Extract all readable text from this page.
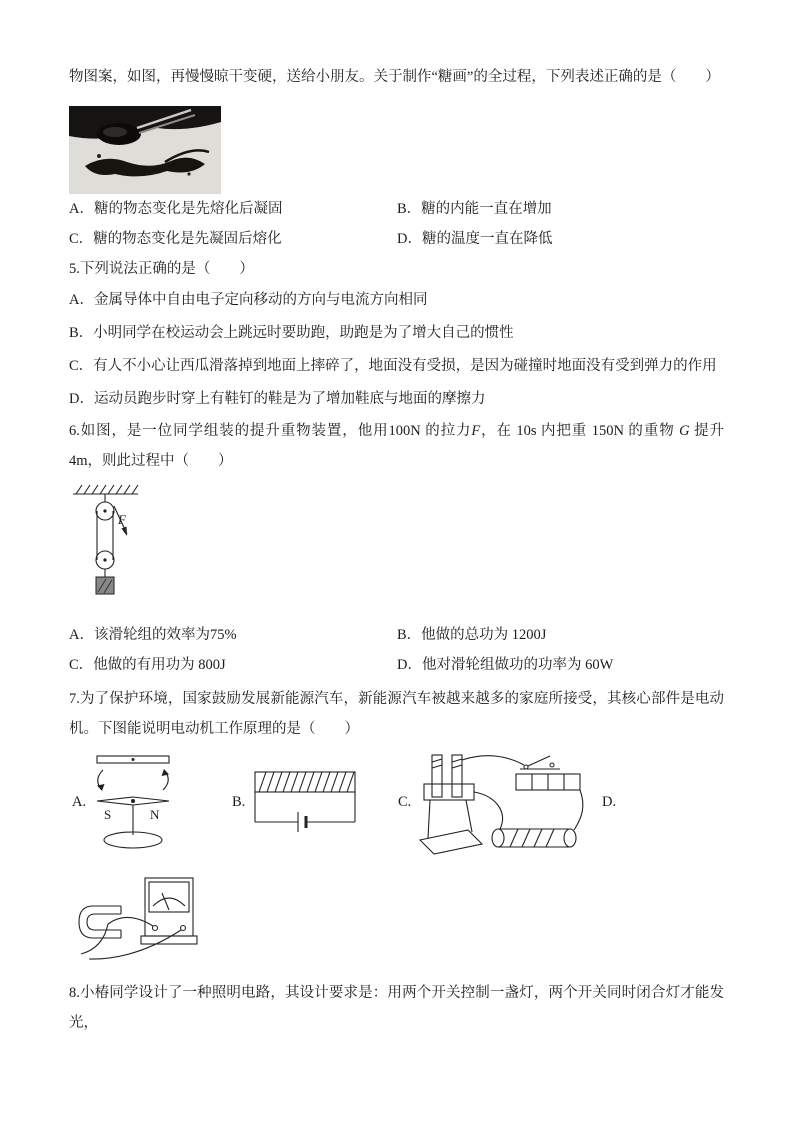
物图案，如图，再慢慢晾干变硬，送给小朋友。关于制作“糖画”的全过程，下列表述正确的是（　　）

A．糖的物态变化是先熔化后凝固	B．糖的内能一直在增加
C．糖的物态变化是先凝固后熔化	D．糖的温度一直在降低

5.下列说法正确的是（　　）

A．金属导体中自由电子定向移动的方向与电流方向相同

B．小明同学在校运动会上跳远时要助跑，助跑是为了增大自己的惯性

C．有人不小心让西瓜滑落掉到地面上摔碎了，地面没有受损，是因为碰撞时地面没有受到弹力的作用

D．运动员跑步时穿上有鞋钉的鞋是为了增加鞋底与地面的摩擦力

6.如图，是一位同学组装的提升重物装置，他用100N 的拉力F，在 10s 内把重 150N 的重物 G 提升 4m，则此过程中（　　）

F
A．该滑轮组的效率为75%	B．他做的总功为 1200J
C．他做的有用功为 800J	D．他对滑轮组做功的功率为 60W

7.为了保护环境，国家鼓励发展新能源汽车，新能源汽车被越来越多的家庭所接受，其核心部件是电动机。下图能说明电动机工作原理的是（　　）

A.
S	N
B.	C.	D.

8.小椿同学设计了一种照明电路，其设计要求是：用两个开关控制一盏灯，两个开关同时闭合灯才能发光，
